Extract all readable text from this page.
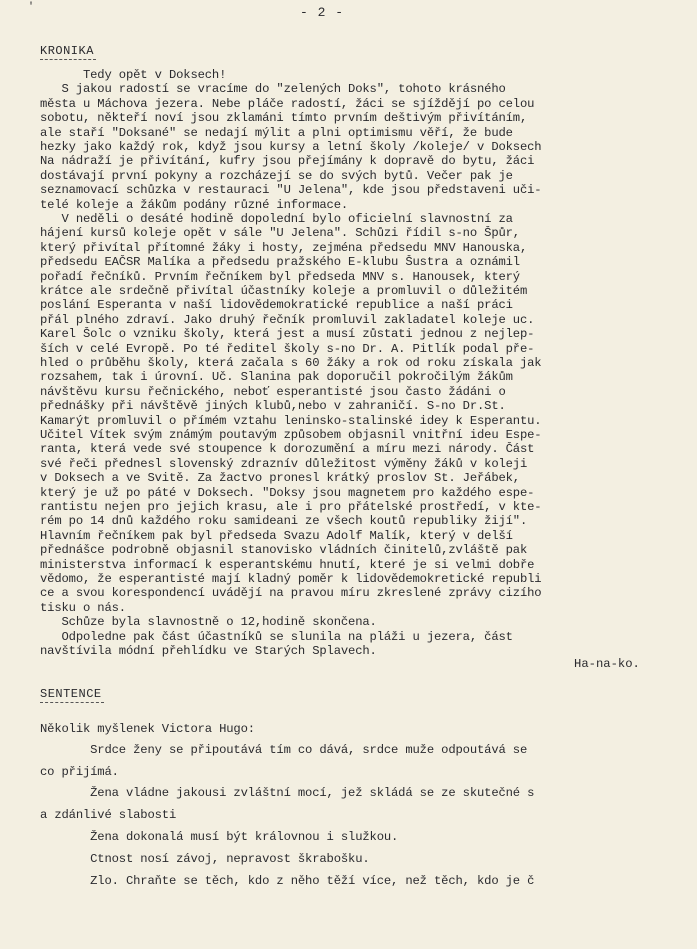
'	- 2 -
KRONIKA
Tedy opět v Doksech!
S jakou radostí se vracíme do "zelených Doks", tohoto krásného
města u Máchova jezera. Nebe pláče radostí, žáci se sjíždějí po celou
sobotu, někteří noví jsou zklamáni tímto prvním deštivým přivítáním,
ale staří "Doksané" se nedají mýlit a plni optimismu věří, že bude
hezky jako každý rok, když jsou kursy a letní školy /koleje/ v Doksech
Na nádraží je přivítání, kufry jsou přejímány k dopravě do bytu, žáci
dostávají první pokyny a rozcházejí se do svých bytů. Večer pak je
seznamovací schůzka v restauraci "U Jelena", kde jsou představeni uči-
telé koleje a žákům podány různé informace.
V neděli o desáté hodině dopolední bylo oficielní slavnostní za
hájení kursů koleje opět v sále "U Jelena". Schůzi řídil s-no Špůr,
který přivítal přítomné žáky i hosty, zejména předsedu MNV Hanouska,
předsedu EAČSR Malíka a předsedu pražského E-klubu Šustra a oznámil
pořadí řečníků. Prvním řečníkem byl předseda MNV s. Hanousek, který
krátce ale srdečně přivítal účastníky koleje a promluvil o důležitém
poslání Esperanta v naší lidovědemokratické republice a naší práci
přál plného zdraví. Jako druhý řečník promluvil zakladatel koleje uc.
Karel Šolc o vzniku školy, která jest a musí zůstati jednou z nejlep-
ších v celé Evropě. Po té ředitel školy s-no Dr. A. Pitlík podal pře-
hled o průběhu školy, která začala s 60 žáky a rok od roku získala jak
rozsahem, tak i úrovní. Uč. Slanina pak doporučil pokročilým žákům
návštěvu kursu řečnického, neboť esperantisté jsou často žádáni o
přednášky při návštěvě jiných klubů,nebo v zahraničí. S-no Dr.St.
Kamarýt promluvil o přímém vztahu leninsko-stalinské idey k Esperantu.
Učitel Vítek svým známým poutavým způsobem objasnil vnitřní ideu Espe-
ranta, která vede své stoupence k dorozumění a míru mezi národy. Část
své řeči přednesl slovenský zdraznív důležitost výměny žáků v koleji
v Doksech a ve Svitě. Za žactvo pronesl krátký proslov St. Jeřábek,
který je už po páté v Doksech. "Doksy jsou magnetem pro každého espe-
rantistu nejen pro jejich krasu, ale i pro přátelské prostředí, v kte-
rém po 14 dnů každého roku samideani ze všech koutů republiky žijí".
Hlavním řečníkem pak byl předseda Svazu Adolf Malík, který v delší
přednášce podrobně objasnil stanovisko vládních činitelů,zvláště pak
ministerstva informací k esperantskému hnutí, které je si velmi dobře
vědomo, že esperantisté mají kladný poměr k lidovědemokretické republi
ce a svou korespondencí uvádějí na pravou míru zkreslené zprávy cizího
tisku o nás.
Schůze byla slavnostně o 12,hodině skončena.
Odpoledne pak část účastníků se slunila na pláži u jezera, část
navštívila módní přehlídku ve Starých Splavech.
Ha-na-ko.
SENTENCE
Několik myšlenek Victora Hugo:
Srdce ženy se připoutává tím co dává, srdce muže odpoutává se
co přijímá.
Žena vládne jakousi zvláštní mocí, jež skládá se ze skutečné s
a zdánlivé slabosti
Žena dokonalá musí být královnou i služkou.
Ctnost nosí závoj, nepravost škrabošku.
Zlo. Chraňte se těch, kdo z něho těží více, než těch, kdo je č
